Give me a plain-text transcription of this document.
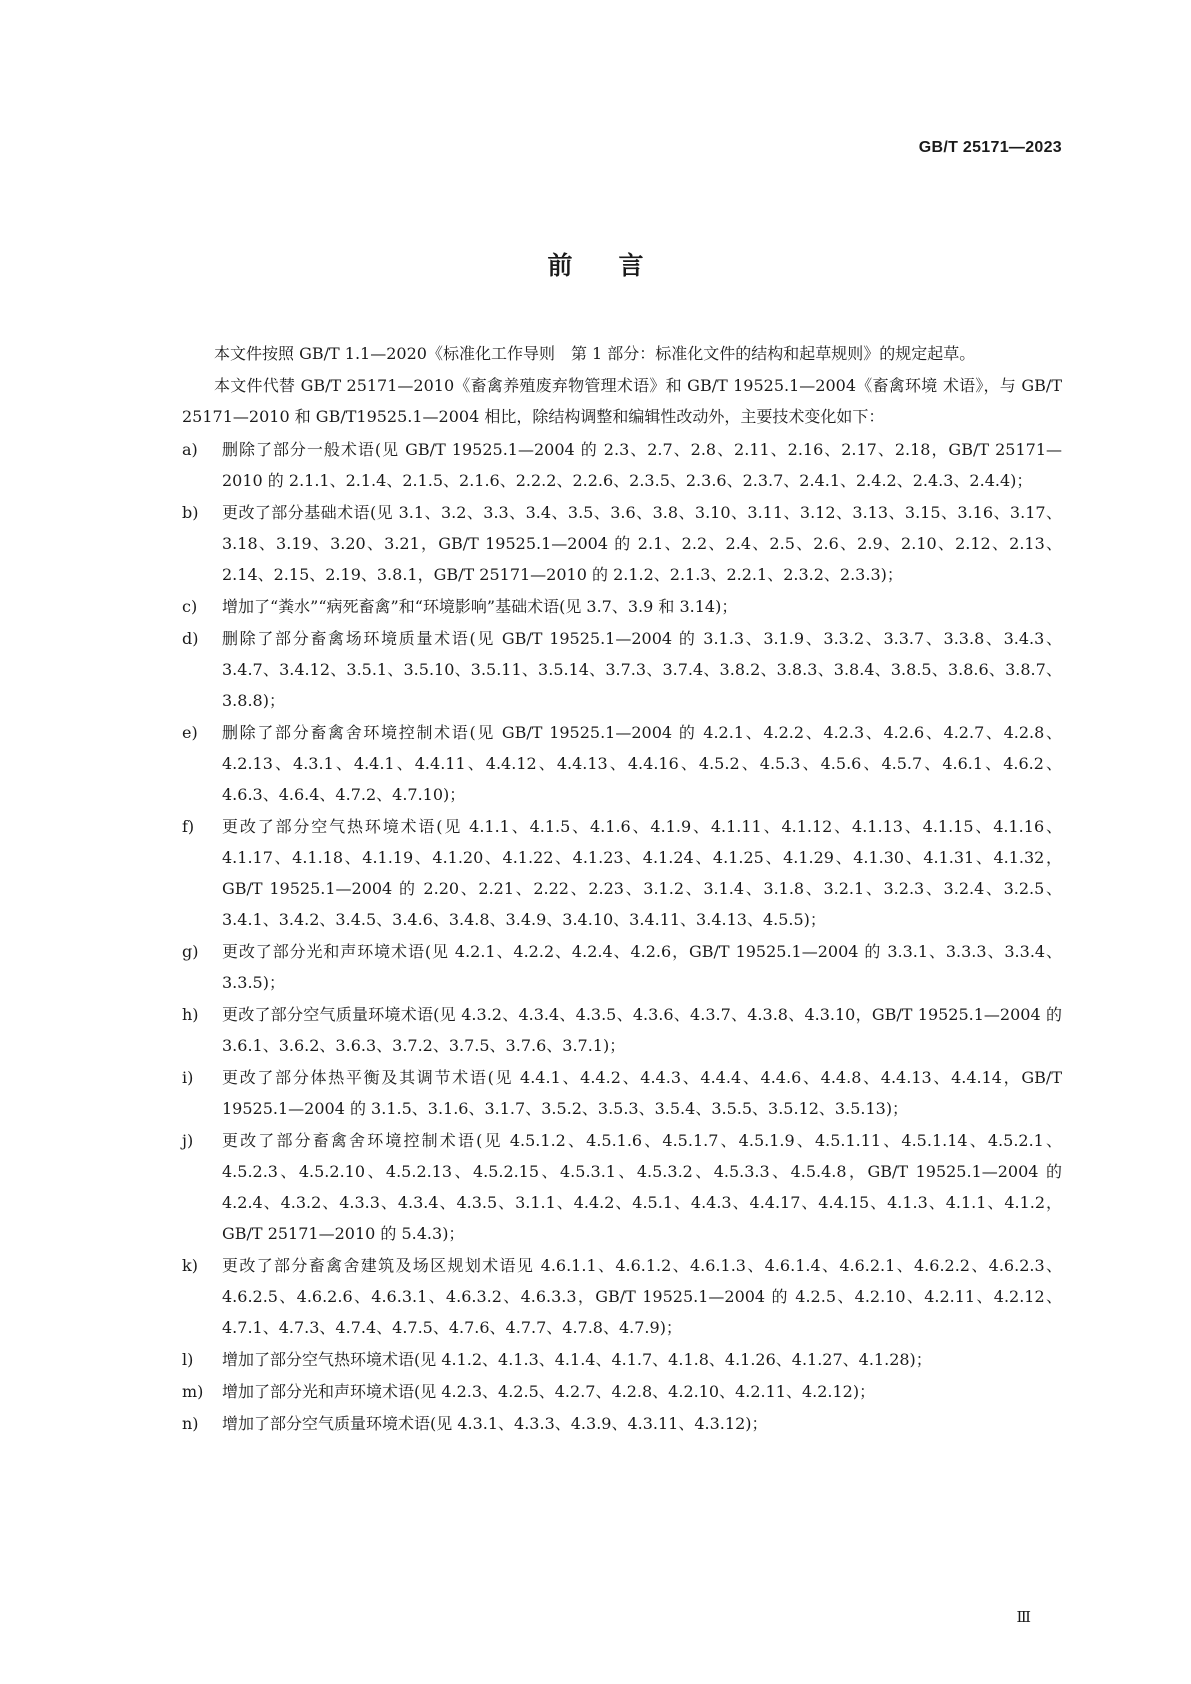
GB/T 25171—2023
前 言

本文件按照 GB/T 1.1—2020《标准化工作导则　第 1 部分：标准化文件的结构和起草规则》的规定起草。

本文件代替 GB/T 25171—2010《畜禽养殖废弃物管理术语》和 GB/T 19525.1—2004《畜禽环境 术语》，与 GB/T 25171—2010 和 GB/T19525.1—2004 相比，除结构调整和编辑性改动外，主要技术变化如下：

a)	删除了部分一般术语(见 GB/T 19525.1—2004 的 2.3、2.7、2.8、2.11、2.16、2.17、2.18，GB/T 25171—2010 的 2.1.1、2.1.4、2.1.5、2.1.6、2.2.2、2.2.6、2.3.5、2.3.6、2.3.7、2.4.1、2.4.2、2.4.3、2.4.4)；
b)	更改了部分基础术语(见 3.1、3.2、3.3、3.4、3.5、3.6、3.8、3.10、3.11、3.12、3.13、3.15、3.16、3.17、3.18、3.19、3.20、3.21，GB/T 19525.1—2004 的 2.1、2.2、2.4、2.5、2.6、2.9、2.10、2.12、2.13、2.14、2.15、2.19、3.8.1，GB/T 25171—2010 的 2.1.2、2.1.3、2.2.1、2.3.2、2.3.3)；
c)	增加了“粪水”“病死畜禽”和“环境影响”基础术语(见 3.7、3.9 和 3.14)；
d)	删除了部分畜禽场环境质量术语(见 GB/T 19525.1—2004 的 3.1.3、3.1.9、3.3.2、3.3.7、3.3.8、3.4.3、3.4.7、3.4.12、3.5.1、3.5.10、3.5.11、3.5.14、3.7.3、3.7.4、3.8.2、3.8.3、3.8.4、3.8.5、3.8.6、3.8.7、3.8.8)；
e)	删除了部分畜禽舍环境控制术语(见 GB/T 19525.1—2004 的 4.2.1、4.2.2、4.2.3、4.2.6、4.2.7、4.2.8、4.2.13、4.3.1、4.4.1、4.4.11、4.4.12、4.4.13、4.4.16、4.5.2、4.5.3、4.5.6、4.5.7、4.6.1、4.6.2、4.6.3、4.6.4、4.7.2、4.7.10)；
f)	更改了部分空气热环境术语(见 4.1.1、4.1.5、4.1.6、4.1.9、4.1.11、4.1.12、4.1.13、4.1.15、4.1.16、4.1.17、4.1.18、4.1.19、4.1.20、4.1.22、4.1.23、4.1.24、4.1.25、4.1.29、4.1.30、4.1.31、4.1.32，GB/T 19525.1—2004 的 2.20、2.21、2.22、2.23、3.1.2、3.1.4、3.1.8、3.2.1、3.2.3、3.2.4、3.2.5、3.4.1、3.4.2、3.4.5、3.4.6、3.4.8、3.4.9、3.4.10、3.4.11、3.4.13、4.5.5)；
g)	更改了部分光和声环境术语(见 4.2.1、4.2.2、4.2.4、4.2.6，GB/T 19525.1—2004 的 3.3.1、3.3.3、3.3.4、3.3.5)；
h)	更改了部分空气质量环境术语(见 4.3.2、4.3.4、4.3.5、4.3.6、4.3.7、4.3.8、4.3.10，GB/T 19525.1—2004 的 3.6.1、3.6.2、3.6.3、3.7.2、3.7.5、3.7.6、3.7.1)；
i)	更改了部分体热平衡及其调节术语(见 4.4.1、4.4.2、4.4.3、4.4.4、4.4.6、4.4.8、4.4.13、4.4.14，GB/T 19525.1—2004 的 3.1.5、3.1.6、3.1.7、3.5.2、3.5.3、3.5.4、3.5.5、3.5.12、3.5.13)；
j)	更改了部分畜禽舍环境控制术语(见 4.5.1.2、4.5.1.6、4.5.1.7、4.5.1.9、4.5.1.11、4.5.1.14、4.5.2.1、4.5.2.3、4.5.2.10、4.5.2.13、4.5.2.15、4.5.3.1、4.5.3.2、4.5.3.3、4.5.4.8，GB/T 19525.1—2004 的 4.2.4、4.3.2、4.3.3、4.3.4、4.3.5、3.1.1、4.4.2、4.5.1、4.4.3、4.4.17、4.4.15、4.1.3、4.1.1、4.1.2，GB/T 25171—2010 的 5.4.3)；
k)	更改了部分畜禽舍建筑及场区规划术语见 4.6.1.1、4.6.1.2、4.6.1.3、4.6.1.4、4.6.2.1、4.6.2.2、4.6.2.3、4.6.2.5、4.6.2.6、4.6.3.1、4.6.3.2、4.6.3.3，GB/T 19525.1—2004 的 4.2.5、4.2.10、4.2.11、4.2.12、4.7.1、4.7.3、4.7.4、4.7.5、4.7.6、4.7.7、4.7.8、4.7.9)；
l)	增加了部分空气热环境术语(见 4.1.2、4.1.3、4.1.4、4.1.7、4.1.8、4.1.26、4.1.27、4.1.28)；
m)	增加了部分光和声环境术语(见 4.2.3、4.2.5、4.2.7、4.2.8、4.2.10、4.2.11、4.2.12)；
n)	增加了部分空气质量环境术语(见 4.3.1、4.3.3、4.3.9、4.3.11、4.3.12)；
Ⅲ
